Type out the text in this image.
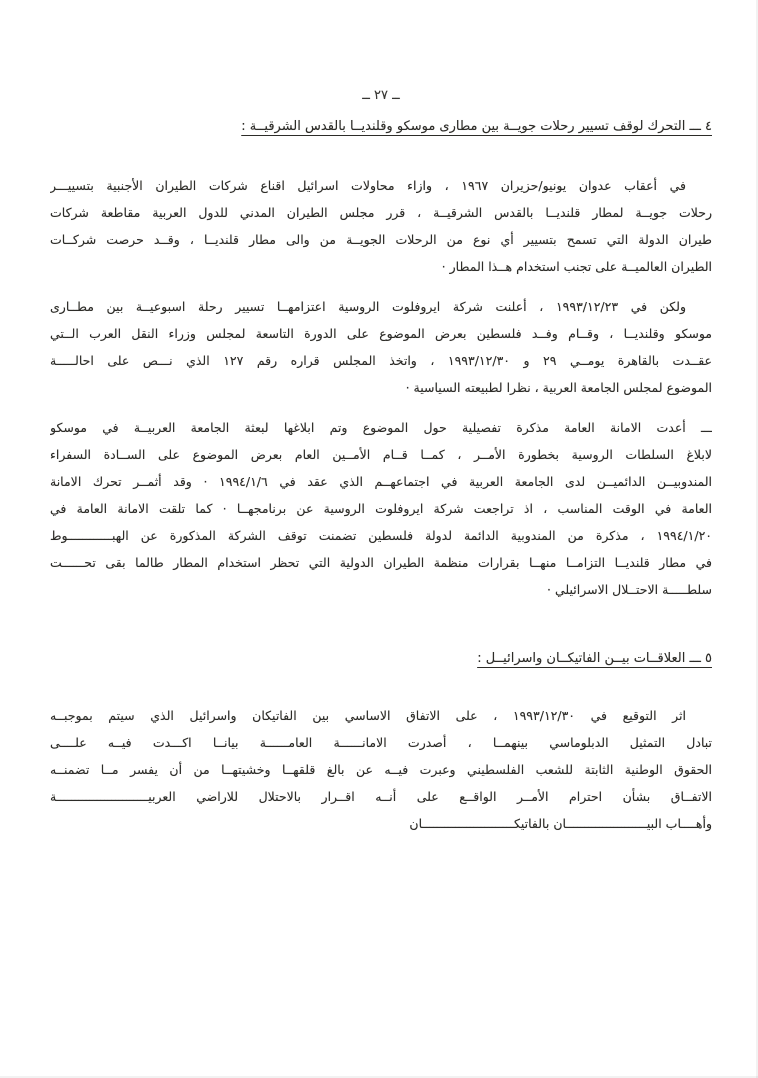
ــ ٢٧ ــ
٤ ـــ التحرك لوقف تسيير رحلات جويــة بين مطارى موسكو وقلنديــا بالقدس الشرقيــة :
في أعقاب عدوان يونيو/حزيران ١٩٦٧ ، وازاء محاولات اسرائيل اقناع شركات الطيران الأجنبية بتسييـــر
رحلات جويــة لمطار قلنديــا بالقدس الشرقيــة ، قرر مجلس الطيران المدني للدول العربية مقاطعة شركات
طيران الدولة التي تسمح بتسيير أي نوع من الرحلات الجويــة من والى مطار قلنديــا ، وقــد حرصت شركــات
الطيران العالميــة على تجنب استخدام هــذا المطار ·
ولكن في ١٩٩٣/١٢/٢٣ ، أعلنت شركة ايروفلوت الروسية اعتزامهــا تسيير رحلة اسبوعيــة بين مطــارى
موسكو وقلنديــا ، وقــام وفــد فلسطين بعرض الموضوع على الدورة التاسعة لمجلس وزراء النقل العرب الــتي
عقــدت بالقاهرة يومــي ٢٩ و ١٩٩٣/١٢/٣٠ ، واتخذ المجلس قراره رقم ١٢٧ الذي نـــص على احالـــــة
الموضوع لمجلس الجامعة العربية ، نظرا لطبيعته السياسية ·
ـــ أعدت الامانة العامة مذكرة تفصيلية حول الموضوع وتم ابلاغها لبعثة الجامعة العربيــة في موسكو
لابلاغ السلطات الروسية بخطورة الأمــر ، كمــا قــام الأمــين العام بعرض الموضوع على الســادة السفراء
المندوبيــن الدائميــن لدى الجامعة العربية في اجتماعهــم الذي عقد في ١٩٩٤/١/٦ · وقد أثمــر تحرك الامانة
العامة في الوقت المناسب ، اذ تراجعت شركة ايروفلوت الروسية عن برنامجهــا · كما تلقت الامانة العامة في
١٩٩٤/١/٢٠ ، مذكرة من المندوبية الدائمة لدولة فلسطين تضمنت توقف الشركة المذكورة عن الهبــــــــــــوط
في مطار قلنديــا التزامــا منهــا بقرارات منظمة الطيران الدولية التي تحظر استخدام المطار طالما بقى تحــــــت
سلطـــــة الاحتــلال الاسرائيلي ·
٥ ـــ العلاقــات بيــن الفاتيكــان واسرائيــل :
اثر التوقيع في ١٩٩٣/١٢/٣٠ ، على الاتفاق الاساسي بين الفاتيكان واسرائيل الذي سيتم بموجبــه
تبادل التمثيل الدبلوماسي بينهمــا ، أصدرت الامانــــــة العامــــــة بيانــا اكـــدت فيــه علــــى
الحقوق الوطنية الثابتة للشعب الفلسطيني وعبرت فيــه عن بالغ قلقهــا وخشيتهــا من أن يفسر مــا تضمنــه
الاتفــاق بشأن احترام الأمــر الواقــع على أنــه اقــرار بالاحتلال للاراضي العربيـــــــــــــــــــــــــة
وأهــــاب البيــــــــــــــــــــــان بالفاتيكـــــــــــــــــــــــــان
